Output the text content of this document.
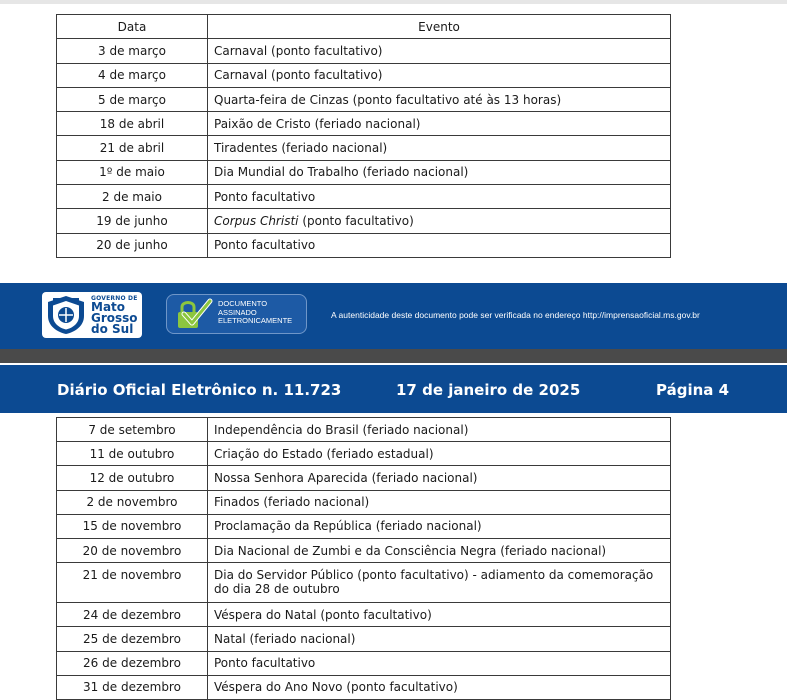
Data	Evento
3 de março	Carnaval (ponto facultativo)
4 de março	Carnaval (ponto facultativo)
5 de março	Quarta-feira de Cinzas (ponto facultativo até às 13 horas)
18 de abril	Paixão de Cristo (feriado nacional)
21 de abril	Tiradentes (feriado nacional)
1º de maio	Dia Mundial do Trabalho (feriado nacional)
2 de maio	Ponto facultativo
19 de junho	Corpus Christi (ponto facultativo)
20 de junho	Ponto facultativo
GOVERNO DE
Mato
Grosso
do Sul
DOCUMENTO
ASSINADO
ELETRONICAMENTE
A autenticidade deste documento pode ser verificada no endereço http://imprensaoficial.ms.gov.br
Diário Oficial Eletrônico n. 11.723	17 de janeiro de 2025	Página 4
7 de setembro	Independência do Brasil (feriado nacional)
11 de outubro	Criação do Estado (feriado estadual)
12 de outubro	Nossa Senhora Aparecida (feriado nacional)
2 de novembro	Finados (feriado nacional)
15 de novembro	Proclamação da República (feriado nacional)
20 de novembro	Dia Nacional de Zumbi e da Consciência Negra (feriado nacional)
21 de novembro	Dia do Servidor Público (ponto facultativo) - adiamento da comemoração do dia 28 de outubro
24 de dezembro	Véspera do Natal (ponto facultativo)
25 de dezembro	Natal (feriado nacional)
26 de dezembro	Ponto facultativo
31 de dezembro	Véspera do Ano Novo (ponto facultativo)
